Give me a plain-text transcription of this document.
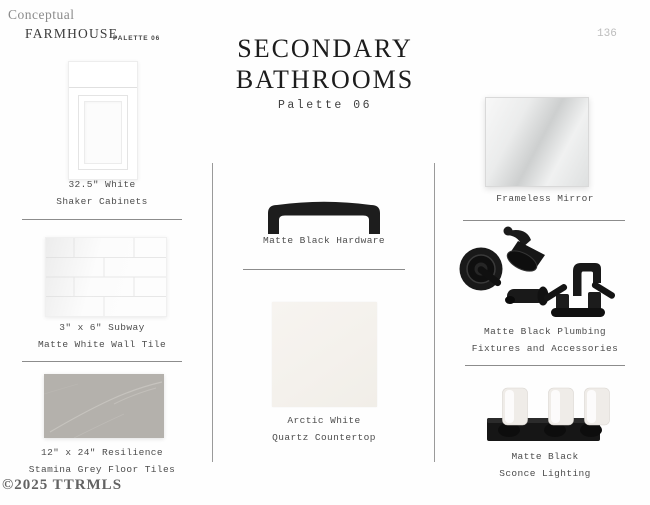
Conceptual
FARMHOUSE
PALETTE 06	136
SECONDARY
BATHROOMS
Palette 06
32.5" White
Shaker Cabinets
3" x 6" Subway
Matte White Wall Tile
12" x 24" Resilience
Stamina Grey Floor Tiles
Matte Black Hardware
Arctic White
Quartz Countertop
Frameless Mirror
Matte Black Plumbing
Fixtures and Accessories
Matte Black
Sconce Lighting
©2025 TTRMLS
